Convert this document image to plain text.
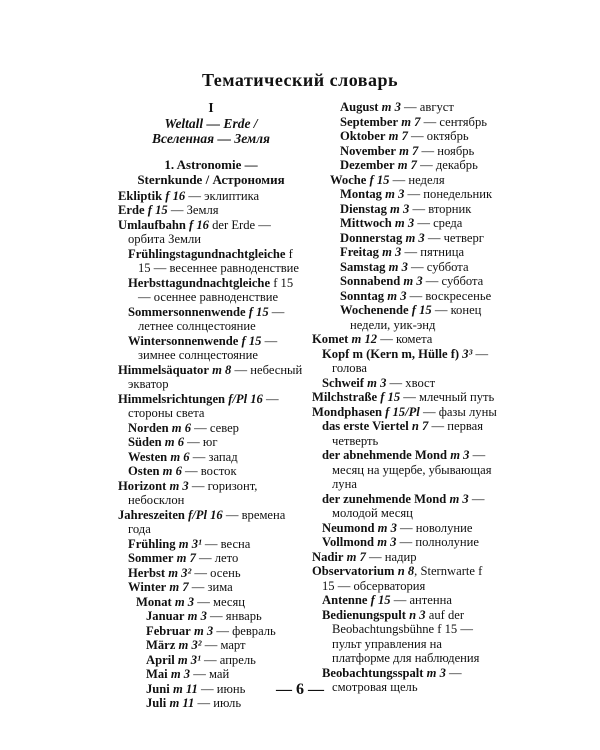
Тематический словарь
I
Weltall — Erde /
Вселенная — Земля
1. Astronomie —
Sternkunde / Астрономия
Ekliptik f 16 — эклиптика
Erde f 15 — Земля
Umlaufbahn f 16 der Erde — орбита Земли
Frühlingstagundnachtgleiche f 15 — весеннее равноденствие
Herbsttagundnachtgleiche f 15 — осеннее равноденствие
Sommersonnenwende f 15 — летнее солнцестояние
Wintersonnenwende f 15 — зимнее солнцестояние
Himmelsäquator m 8 — небесный экватор
Himmelsrichtungen f/Pl 16 — стороны света
Norden m 6 — север
Süden m 6 — юг
Westen m 6 — запад
Osten m 6 — восток
Horizont m 3 — горизонт, небосклон
Jahreszeiten f/Pl 16 — времена года
Frühling m 3¹ — весна
Sommer m 7 — лето
Herbst m 3² — осень
Winter m 7 — зима
Monat m 3 — месяц
Januar m 3 — январь
Februar m 3 — февраль
März m 3² — март
April m 3¹ — апрель
Mai m 3 — май
Juni m 11 — июнь
Juli m 11 — июль
August m 3 — август
September m 7 — сентябрь
Oktober m 7 — октябрь
November m 7 — ноябрь
Dezember m 7 — декабрь
Woche f 15 — неделя
Montag m 3 — понедельник
Dienstag m 3 — вторник
Mittwoch m 3 — среда
Donnerstag m 3 — четверг
Freitag m 3 — пятница
Samstag m 3 — суббота
Sonnabend m 3 — суббота
Sonntag m 3 — воскресенье
Wochenende f 15 — конец недели, уик-энд
Komet m 12 — комета
Kopf m (Kern m, Hülle f) 3³ — голова
Schweif m 3 — хвост
Milchstraße f 15 — млечный путь
Mondphasen f 15/Pl — фазы луны
das erste Viertel n 7 — первая четверть
der abnehmende Mond m 3 — месяц на ущербе, убывающая луна
der zunehmende Mond m 3 — молодой месяц
Neumond m 3 — новолуние
Vollmond m 3 — полнолуние
Nadir m 7 — надир
Observatorium n 8, Sternwarte f 15 — обсерватория
Antenne f 15 — антенна
Bedienungspult n 3 auf der Beobachtungsbühne f 15 — пульт управления на платформе для наблюдения
Beobachtungsspalt m 3 — смотровая щель
— 6 —
